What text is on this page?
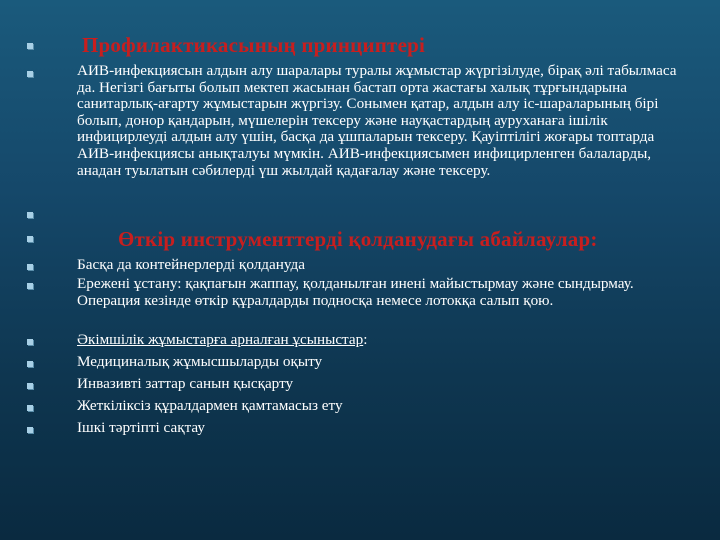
Профилактикасының принциптері
АИВ-инфекциясын алдын алу шаралары туралы жұмыстар жүргізілуде, бірақ әлі табылмаса да. Негізгі бағыты болып мектеп жасынан бастап орта жастағы халық тұрғындарына санитарлық-ағарту жұмыстарын жүргізу. Сонымен қатар, алдын алу іс-шараларының бірі болып, донор қандарын, мүшелерін тексеру және науқастардың ауруханаға ішілік инфицирлеуді алдын алу үшін, басқа да ұшпаларын тексеру. Қауіптілігі жоғары топтарда АИВ-инфекциясы анықталуы мүмкін. АИВ-инфекциясымен инфицирленген балаларды, анадан туылатын сәбилерді үш жылдай қадағалау және тексеру.
Өткір инструменттерді қолданудағы абайлаулар:
Басқа да контейнерлерді қолдануда
Ережені ұстану: қақпағын жаппау, қолданылған инені майыстырмау және сындырмау. Операция кезінде өткір құралдарды подносқа немесе лотокқа салып қою.
Әкімшілік жұмыстарға арналған ұсыныстар:
Медициналық жұмысшыларды оқыту
Инвазивті заттар санын қысқарту
Жеткіліксіз құралдармен қамтамасыз ету
Ішкі тәртіпті сақтау
